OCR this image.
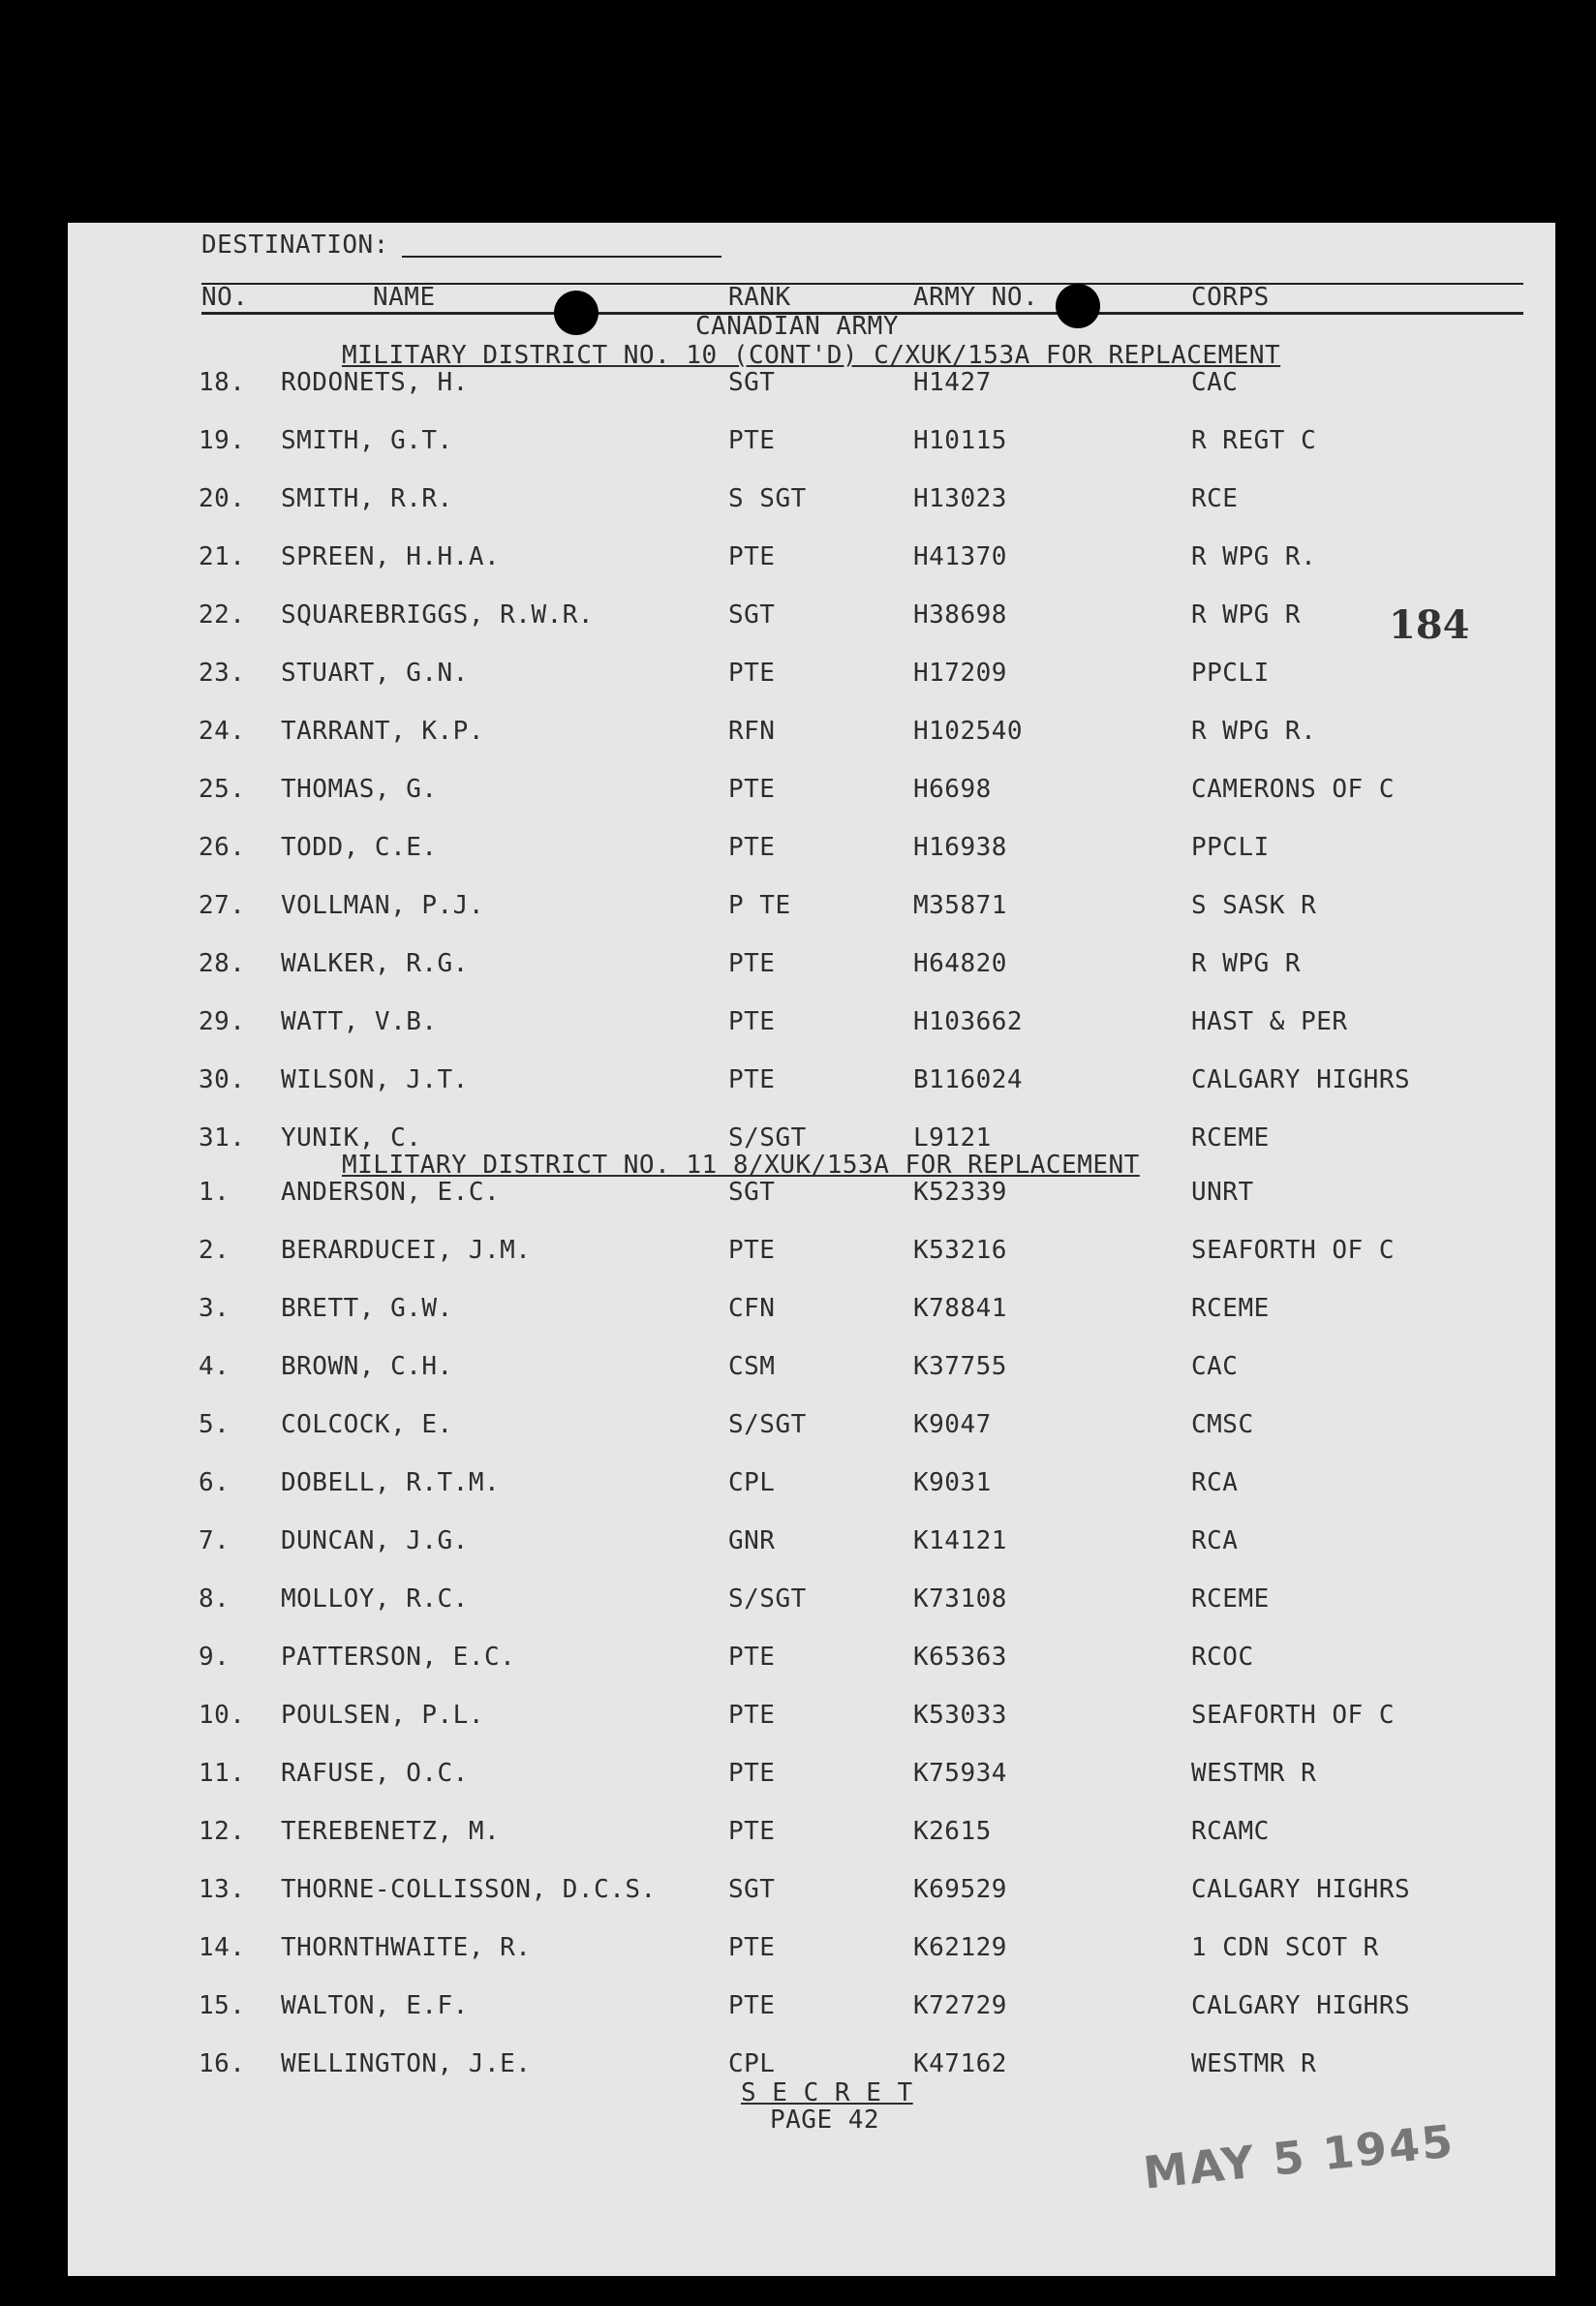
DESTINATION:
NO.	NAME	RANK	ARMY NO.	CORPS
CANADIAN ARMY
MILITARY DISTRICT NO. 10 (CONT'D) C/XUK/153A FOR REPLACEMENT
18. RODONETS, H.	SGT	H1427	CAC
19. SMITH, G.T.	PTE	H10115	R REGT C
20. SMITH, R.R.	S SGT	H13023	RCE
21. SPREEN, H.H.A.	PTE	H41370	R WPG R.
22. SQUAREBRIGGS, R.W.R.	SGT	H38698	R WPG R
23. STUART, G.N.	PTE	H17209	PPCLI
24. TARRANT, K.P.	RFN	H102540	R WPG R.
25. THOMAS, G.	PTE	H6698	CAMERONS OF C
26. TODD, C.E.	PTE	H16938	PPCLI
27. VOLLMAN, P.J.	P TE	M35871	S SASK R
28. WALKER, R.G.	PTE	H64820	R WPG R
29. WATT, V.B.	PTE	H103662	HAST & PER
30. WILSON, J.T.	PTE	B116024	CALGARY HIGHRS
31. YUNIK, C.	S/SGT	L9121	RCEME
MILITARY DISTRICT NO. 11 8/XUK/153A FOR REPLACEMENT
1. ANDERSON, E.C.	SGT	K52339	UNRT
2. BERARDUCEI, J.M.	PTE	K53216	SEAFORTH OF C
3. BRETT, G.W.	CFN	K78841	RCEME
4. BROWN, C.H.	CSM	K37755	CAC
5. COLCOCK, E.	S/SGT	K9047	CMSC
6. DOBELL, R.T.M.	CPL	K9031	RCA
7. DUNCAN, J.G.	GNR	K14121	RCA
8. MOLLOY, R.C.	S/SGT	K73108	RCEME
9. PATTERSON, E.C.	PTE	K65363	RCOC
10. POULSEN, P.L.	PTE	K53033	SEAFORTH OF C
11. RAFUSE, O.C.	PTE	K75934	WESTMR R
12. TEREBENETZ, M.	PTE	K2615	RCAMC
13. THORNE-COLLISSON, D.C.S.	SGT	K69529	CALGARY HIGHRS
14. THORNTHWAITE, R.	PTE	K62129	1 CDN SCOT R
15. WALTON, E.F.	PTE	K72729	CALGARY HIGHRS
16. WELLINGTON, J.E.	CPL	K47162	WESTMR R
S E C R E T
PAGE 42
184
MAY 5 1945
